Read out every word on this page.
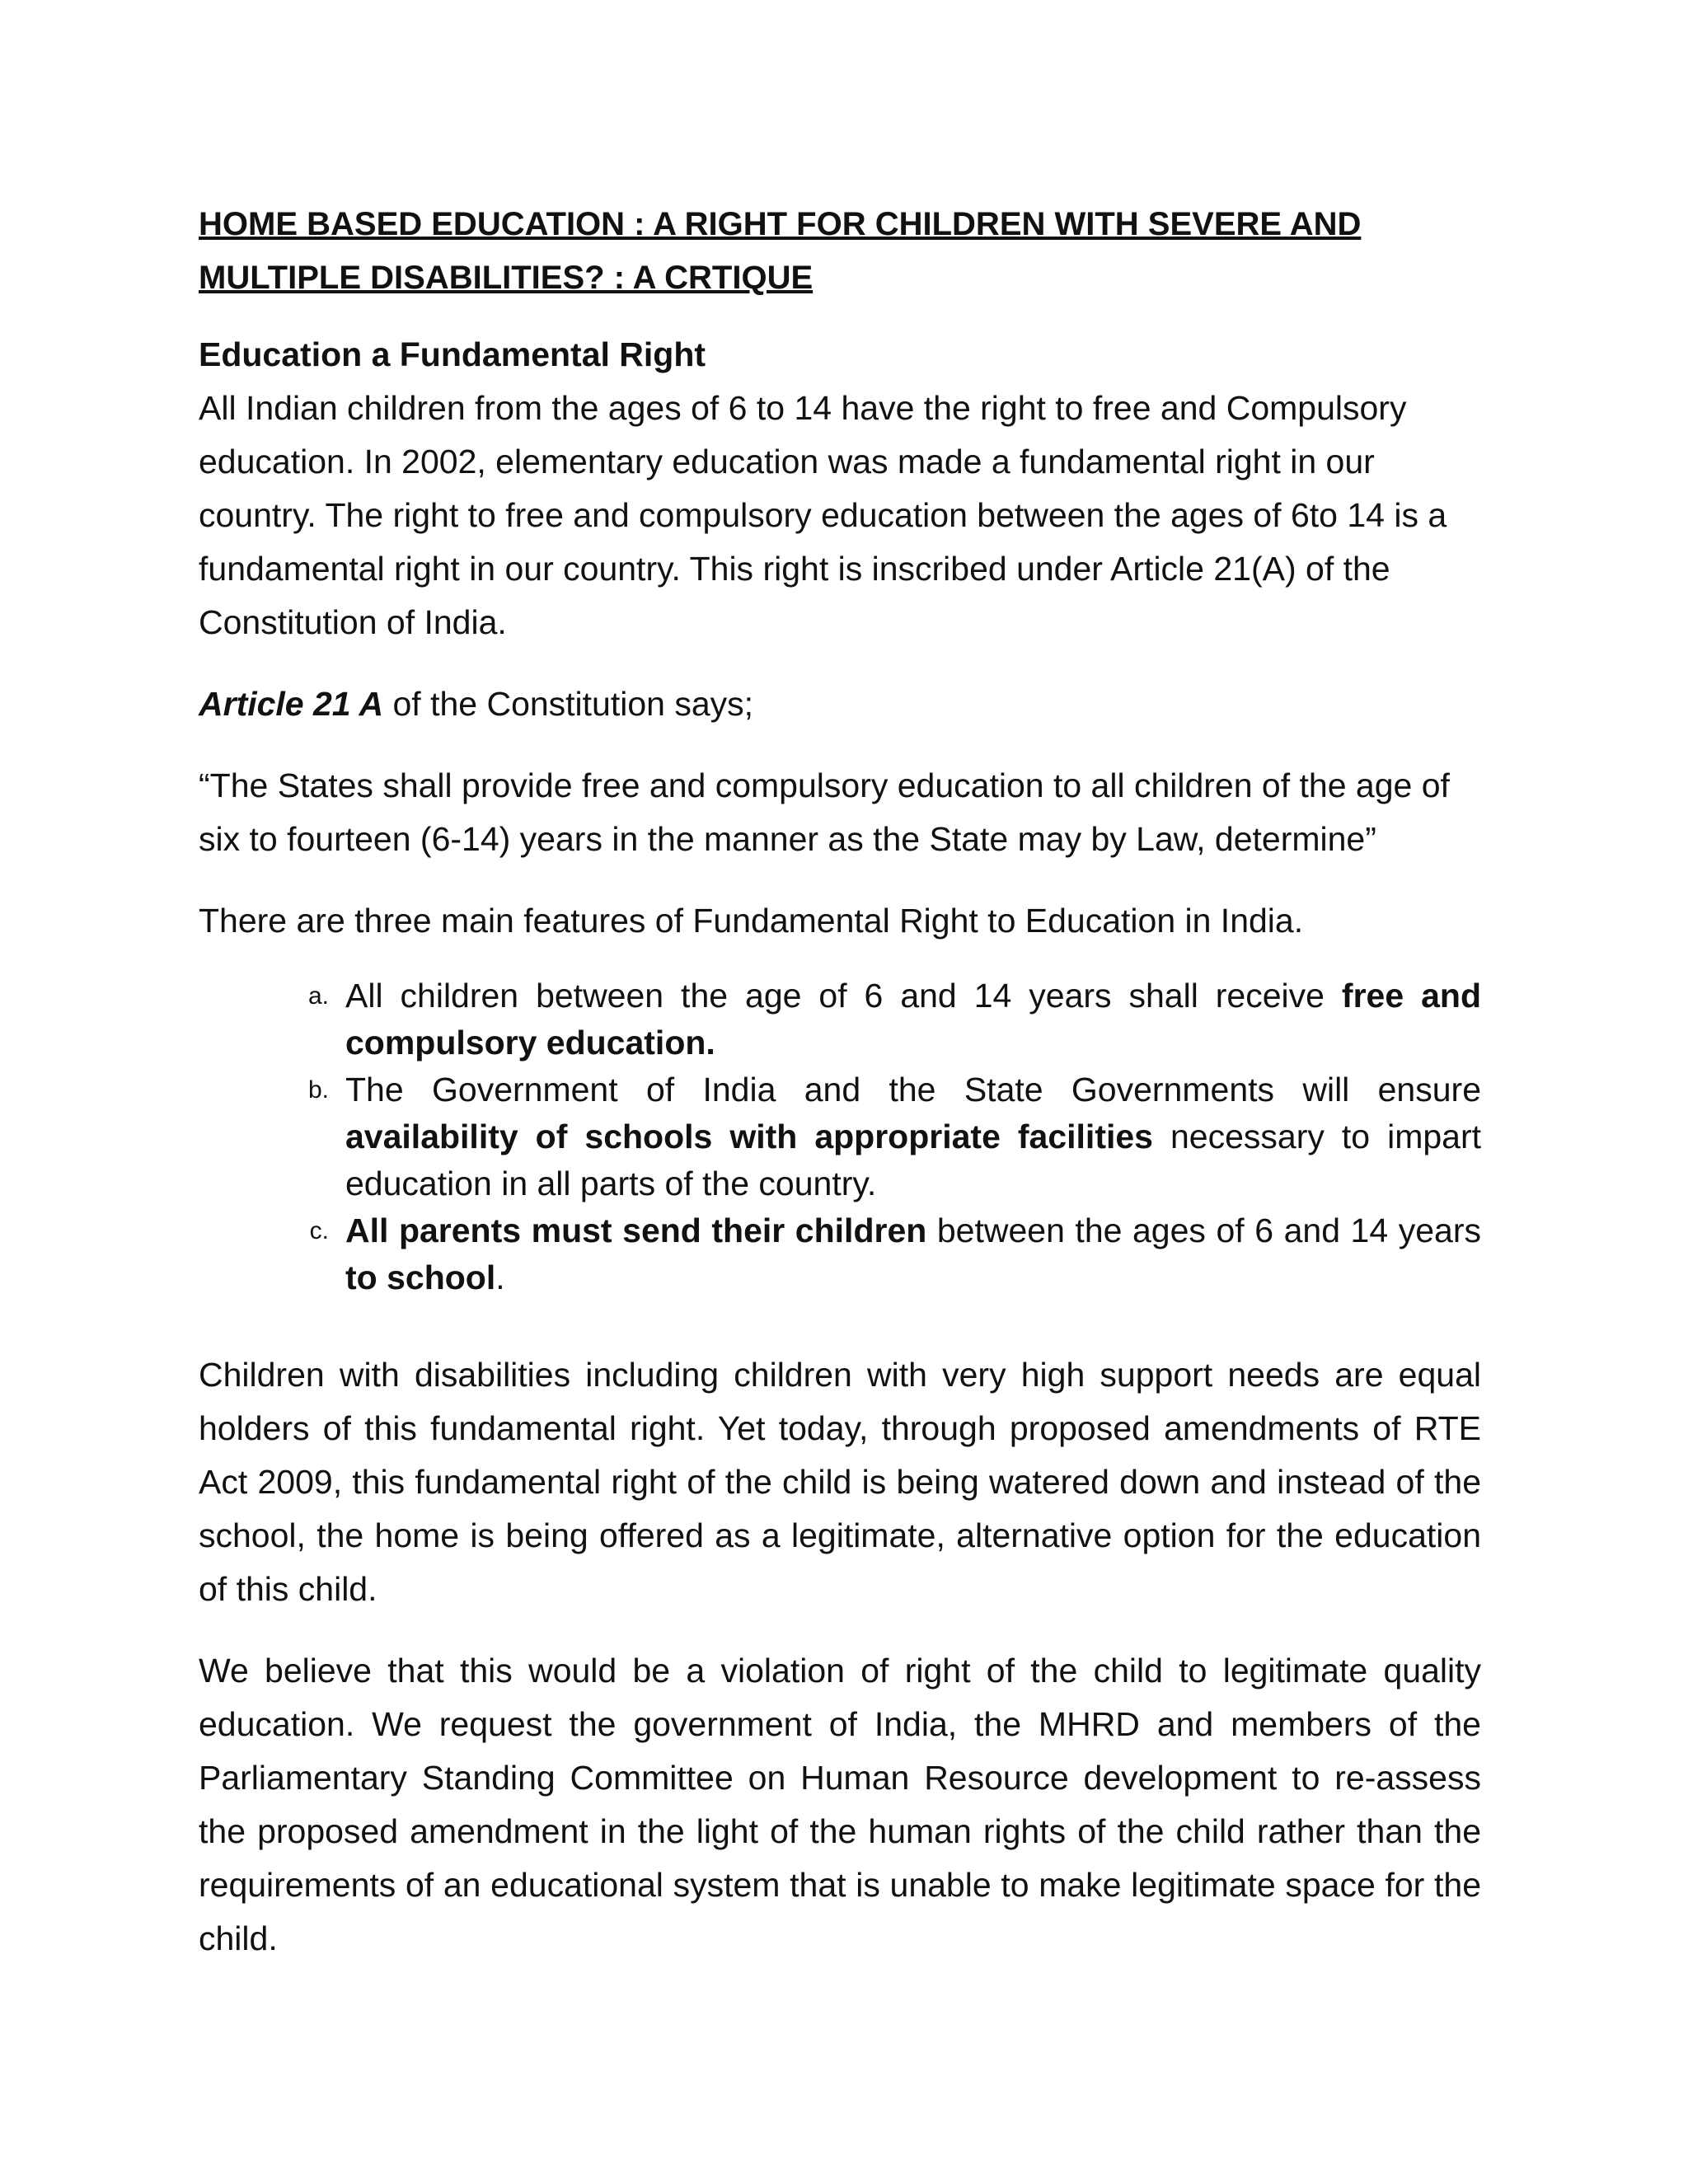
HOME BASED EDUCATION : A RIGHT FOR CHILDREN WITH SEVERE AND
MULTIPLE DISABILITIES? : A CRTIQUE

Education a Fundamental Right

All Indian children from the ages of 6 to 14 have the right to free and Compulsory education. In 2002, elementary education was made a fundamental right in our country. The right to free and compulsory education between the ages of 6to 14 is a fundamental right in our country. This right is inscribed under Article 21(A) of the Constitution of India.

Article 21 A of the Constitution says;

“The States shall provide free and compulsory education to all children of the age of six to fourteen (6-14) years in the manner as the State may by Law, determine”

There are three main features of Fundamental Right to Education in India.

a. All children between the age of 6 and 14 years shall receive free and compulsory education.
b. The Government of India and the State Governments will ensure availability of schools with appropriate facilities necessary to impart education in all parts of the country.
c. All parents must send their children between the ages of 6 and 14 years to school.

Children with disabilities including children with very high support needs are equal holders of this fundamental right. Yet today, through proposed amendments of RTE Act 2009, this fundamental right of the child is being watered down and instead of the school, the home is being offered as a legitimate, alternative option for the education of this child.

We believe that this would be a violation of right of the child to legitimate quality education. We request the government of India, the MHRD and members of the Parliamentary Standing Committee on Human Resource development to re-assess the proposed amendment in the light of the human rights of the child rather than the requirements of an educational system that is unable to make legitimate space for the child.
